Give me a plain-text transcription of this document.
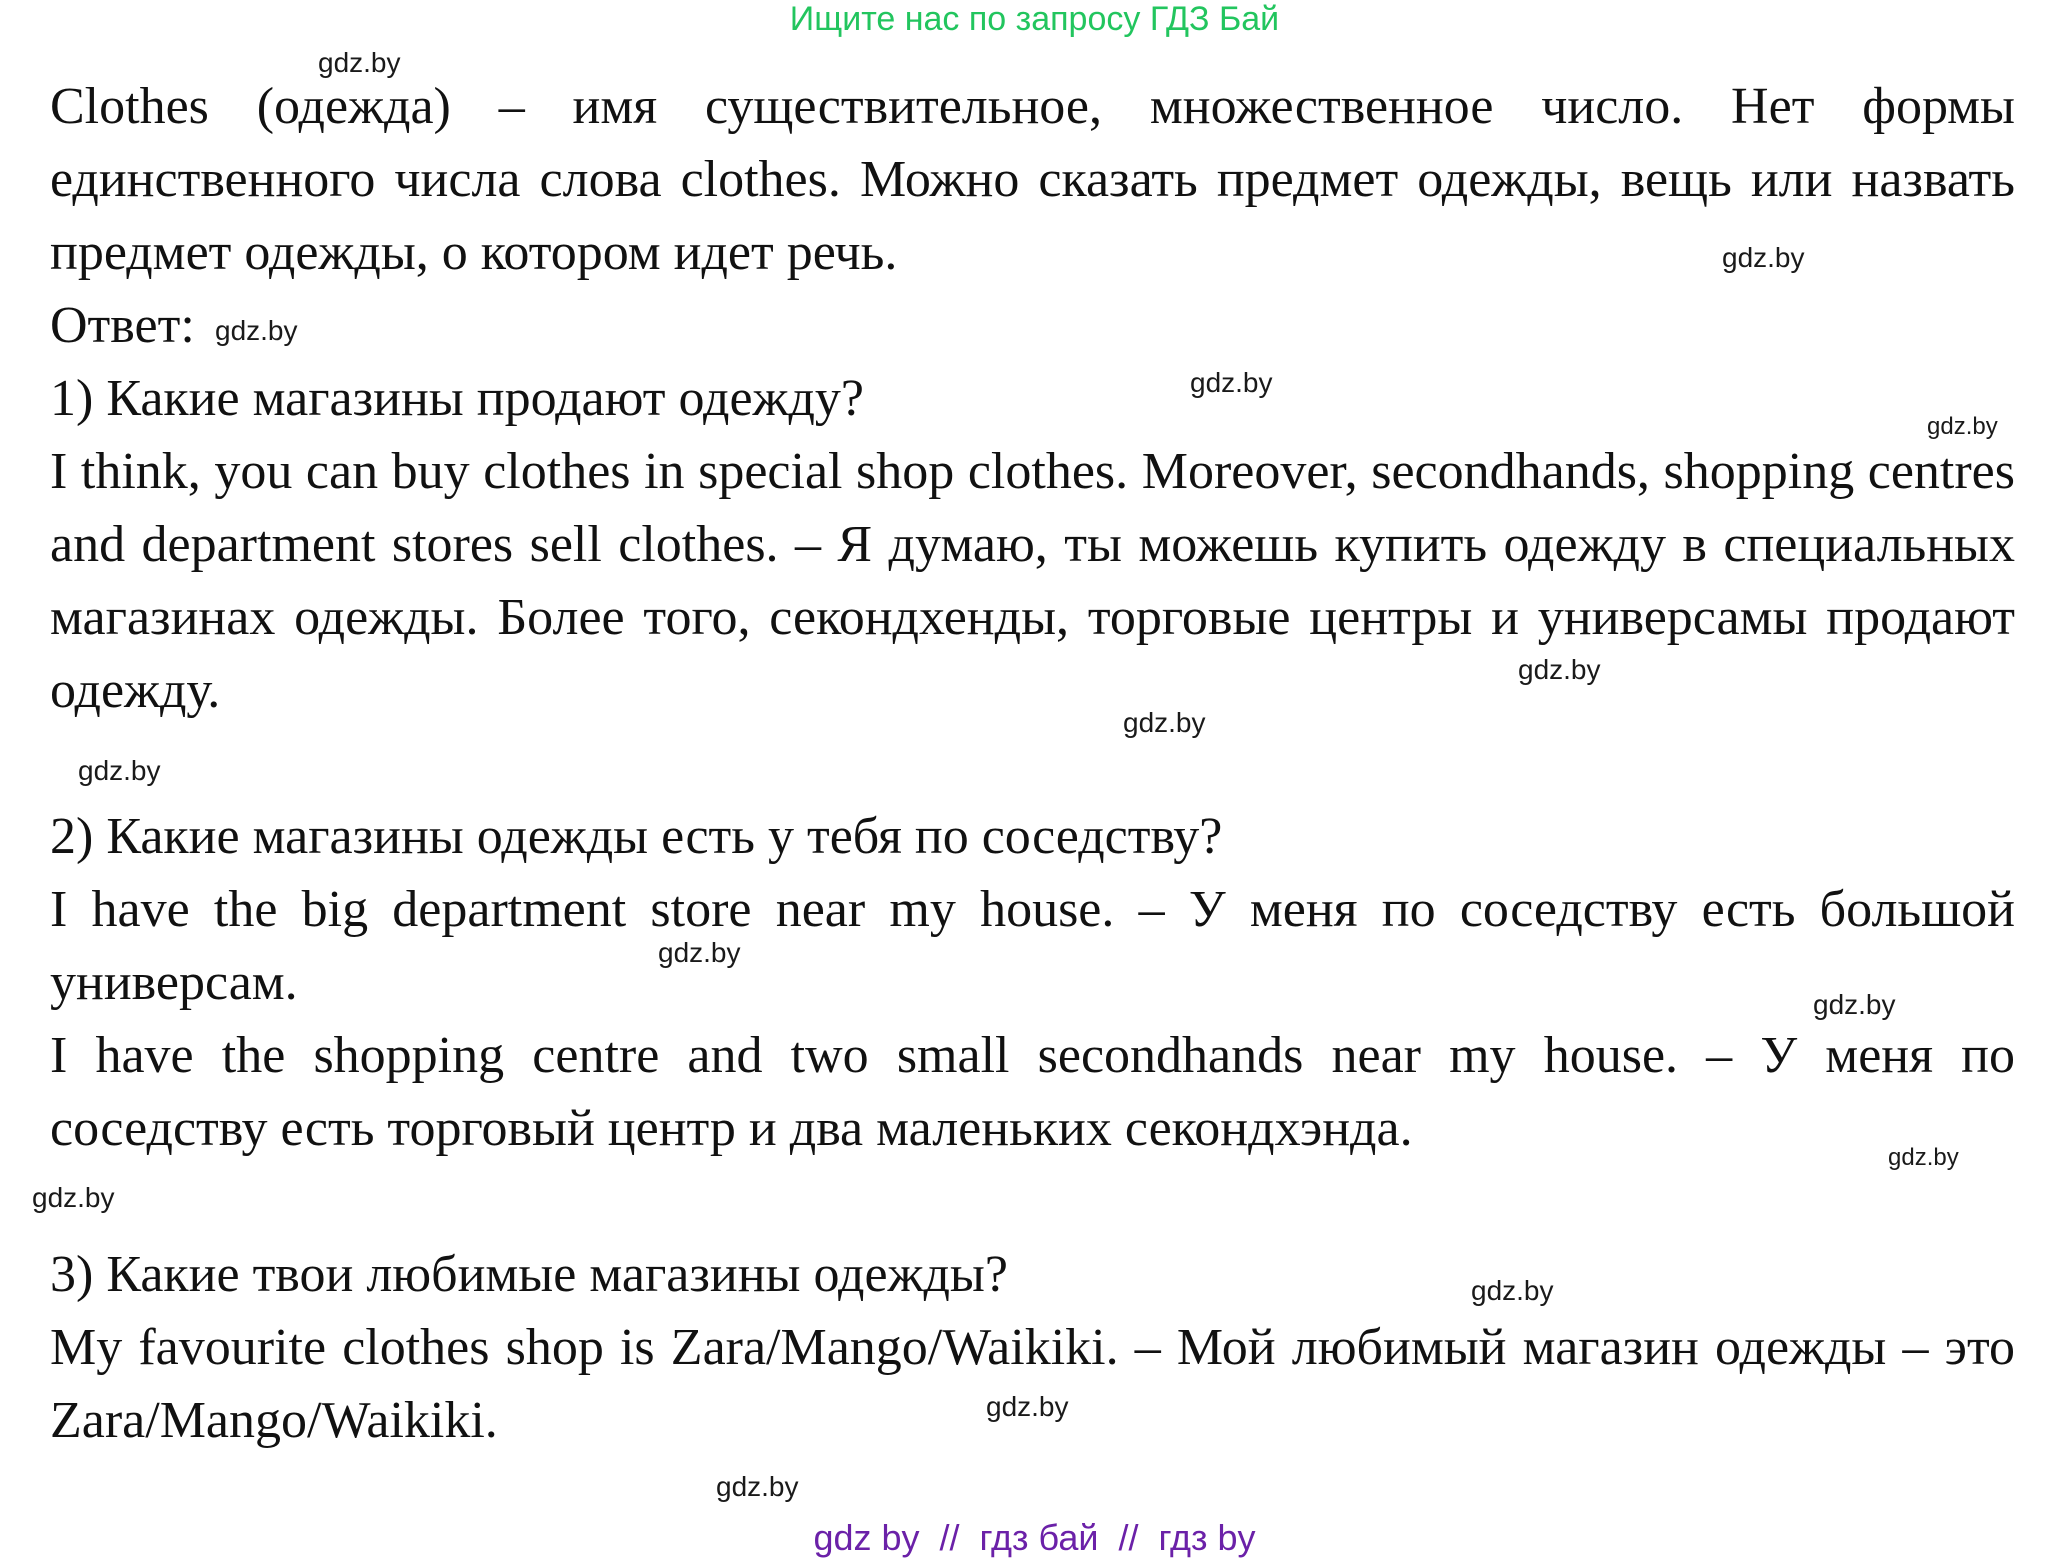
Ищите нас по запросу ГДЗ Бай

Clothes (одежда) – имя существительное, множественное число. Нет формы единственного числа слова clothes. Можно сказать предмет одежды, вещь или назвать предмет одежды, о котором идет речь.

Ответ:

1) Какие магазины продают одежду?

I think, you can buy clothes in special shop clothes. Moreover, secondhands, shopping centres and department stores sell clothes. – Я думаю, ты можешь купить одежду в специальных магазинах одежды. Более того, секондхенды, торговые центры и универсамы продают одежду.

2) Какие магазины одежды есть у тебя по соседству?

I have the big department store near my house. – У меня по соседству есть большой универсам.

I have the shopping centre and two small secondhands near my house. – У меня по соседству есть торговый центр и два маленьких секондхэнда.

3) Какие твои любимые магазины одежды?

My favourite clothes shop is Zara/Mango/Waikiki. – Мой любимый магазин одежды – это Zara/Mango/Waikiki.

gdz.by
gdz.by
gdz.by
gdz.by
gdz.by
gdz.by
gdz.by
gdz.by
gdz.by
gdz.by
gdz.by
gdz.by
gdz.by
gdz.by
gdz.by
gdz by  //  гдз бай  //  гдз by
